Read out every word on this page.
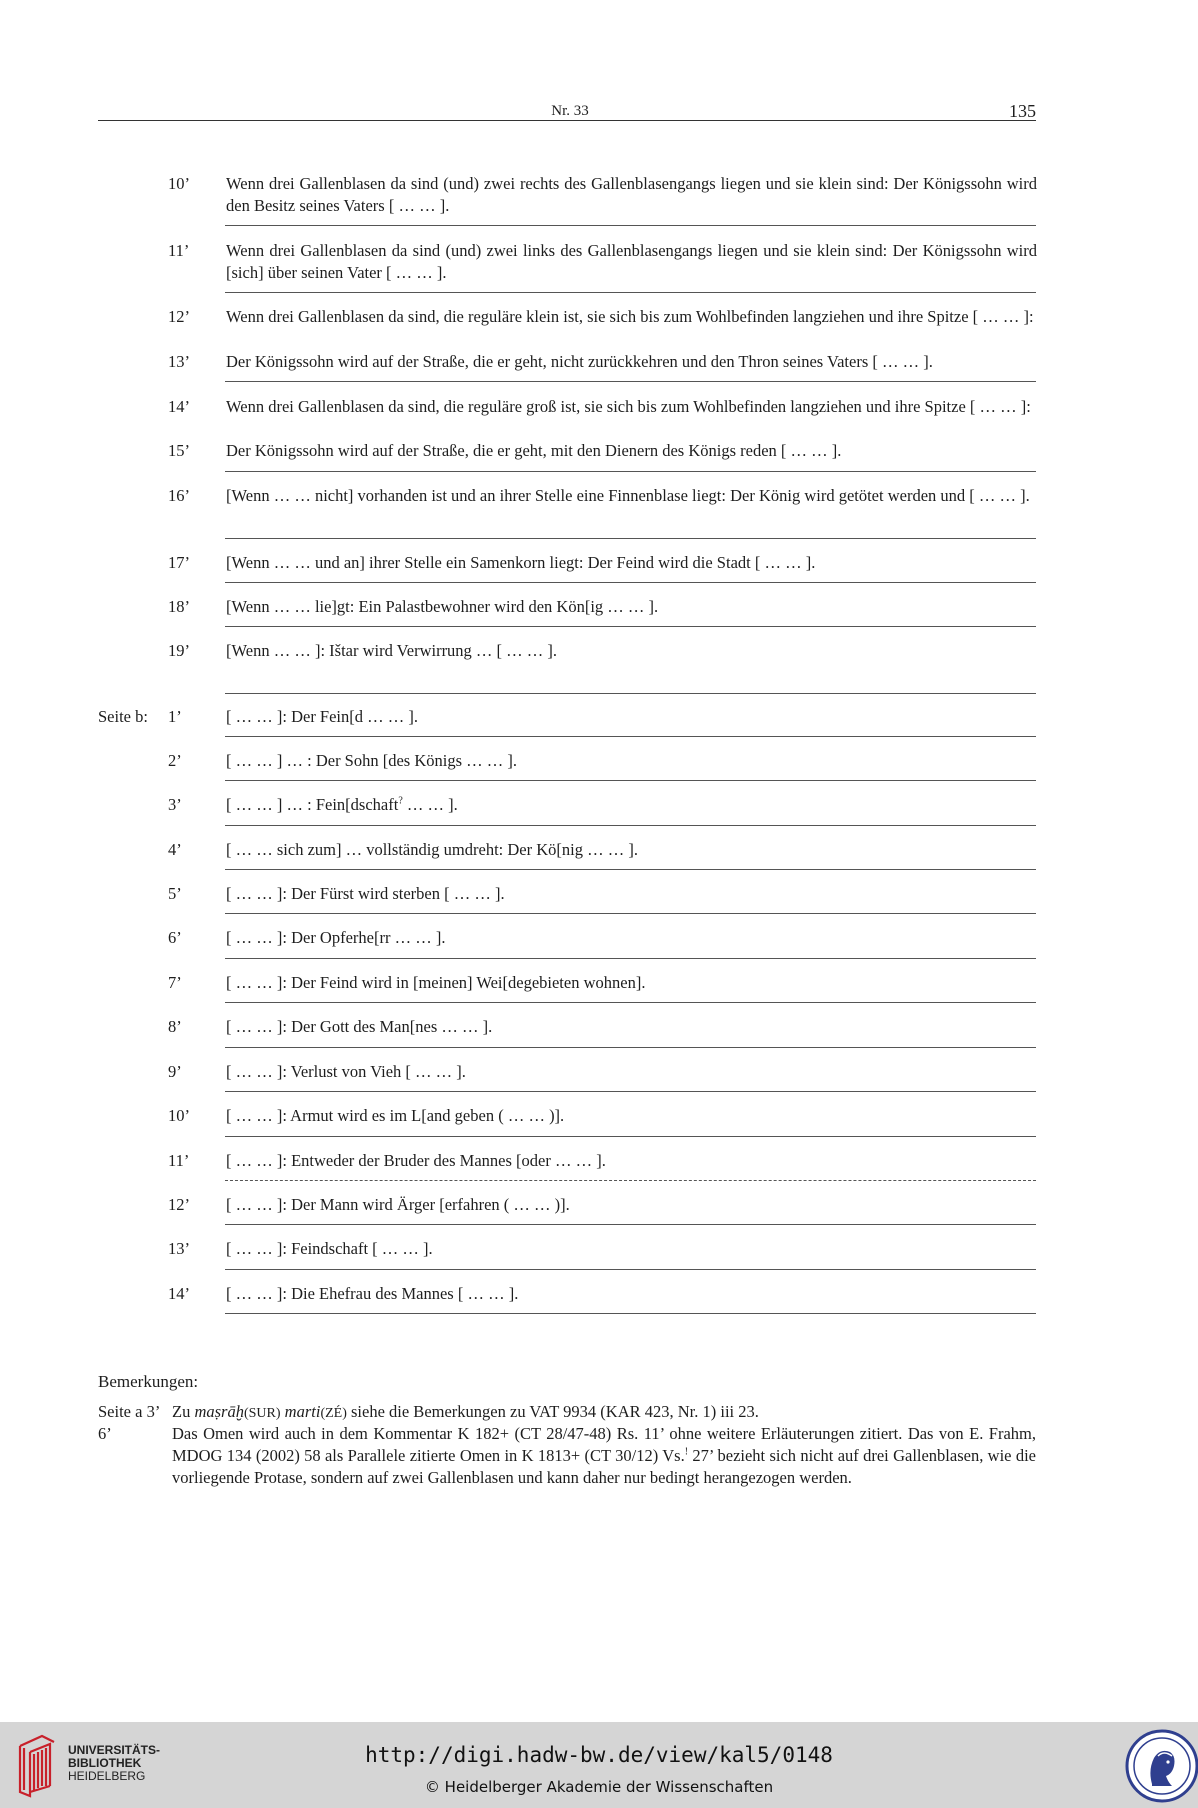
Nr. 33	135
10’ Wenn drei Gallenblasen da sind (und) zwei rechts des Gallenblasengangs liegen und sie klein sind: Der Königssohn wird den Besitz seines Vaters [ … … ].
11’ Wenn drei Gallenblasen da sind (und) zwei links des Gallenblasengangs liegen und sie klein sind: Der Königssohn wird [sich] über seinen Vater [ … … ].
12’ Wenn drei Gallenblasen da sind, die reguläre klein ist, sie sich bis zum Wohlbefinden langziehen und ihre Spitze [ … … ]:
13’ Der Königssohn wird auf der Straße, die er geht, nicht zurückkehren und den Thron seines Vaters [ … … ].
14’ Wenn drei Gallenblasen da sind, die reguläre groß ist, sie sich bis zum Wohlbefinden langziehen und ihre Spitze [ … … ]:
15’ Der Königssohn wird auf der Straße, die er geht, mit den Dienern des Königs reden [ … … ].
16’ [Wenn … … nicht] vorhanden ist und an ihrer Stelle eine Finnenblase liegt: Der König wird getötet werden und [ … … ].
17’ [Wenn … … und an] ihrer Stelle ein Samenkorn liegt: Der Feind wird die Stadt [ … … ].
18’ [Wenn … … lie]gt: Ein Palastbewohner wird den Kön[ig … … ].
19’ [Wenn … … ]: Ištar wird Verwirrung … [ … … ].
Seite b: 1’	[ … … ]: Der Fein[d … … ].
2’	[ … … ] … : Der Sohn [des Königs … … ].
3’	[ … … ] … : Fein[dschaft? … … ].
4’	[ … … sich zum] … vollständig umdreht: Der Kö[nig … … ].
5’	[ … … ]: Der Fürst wird sterben [ … … ].
6’	[ … … ]: Der Opferhe[rr … … ].
7’	[ … … ]: Der Feind wird in [meinen] Wei[degebieten wohnen].
8’	[ … … ]: Der Gott des Man[nes … … ].
9’	[ … … ]: Verlust von Vieh [ … … ].
10’ [ … … ]: Armut wird es im L[and geben ( … … )].
11’ [ … … ]: Entweder der Bruder des Mannes [oder … … ].
12’ [ … … ]: Der Mann wird Ärger [erfahren ( … … )].
13’ [ … … ]: Feindschaft [ … … ].
14’ [ … … ]: Die Ehefrau des Mannes [ … … ].
Bemerkungen:
Seite a 3’ Zu maṣrāḫ(SUR) marti(ZÉ) siehe die Bemerkungen zu VAT 9934 (KAR 423, Nr. 1) iii 23.
6’	Das Omen wird auch in dem Kommentar K 182+ (CT 28/47-48) Rs. 11’ ohne weitere Erläuterungen zitiert. Das von E. Frahm, MDOG 134 (2002) 58 als Parallele zitierte Omen in K 1813+ (CT 30/12) Vs.! 27’ bezieht sich nicht auf drei Gallenblasen, wie die vorliegende Protase, sondern auf zwei Gallenblasen und kann daher nur bedingt herangezogen werden.
UNIVERSITÄTS-
BIBLIOTHEK
HEIDELBERG
http://digi.hadw-bw.de/view/kal5/0148
© Heidelberger Akademie der Wissenschaften
